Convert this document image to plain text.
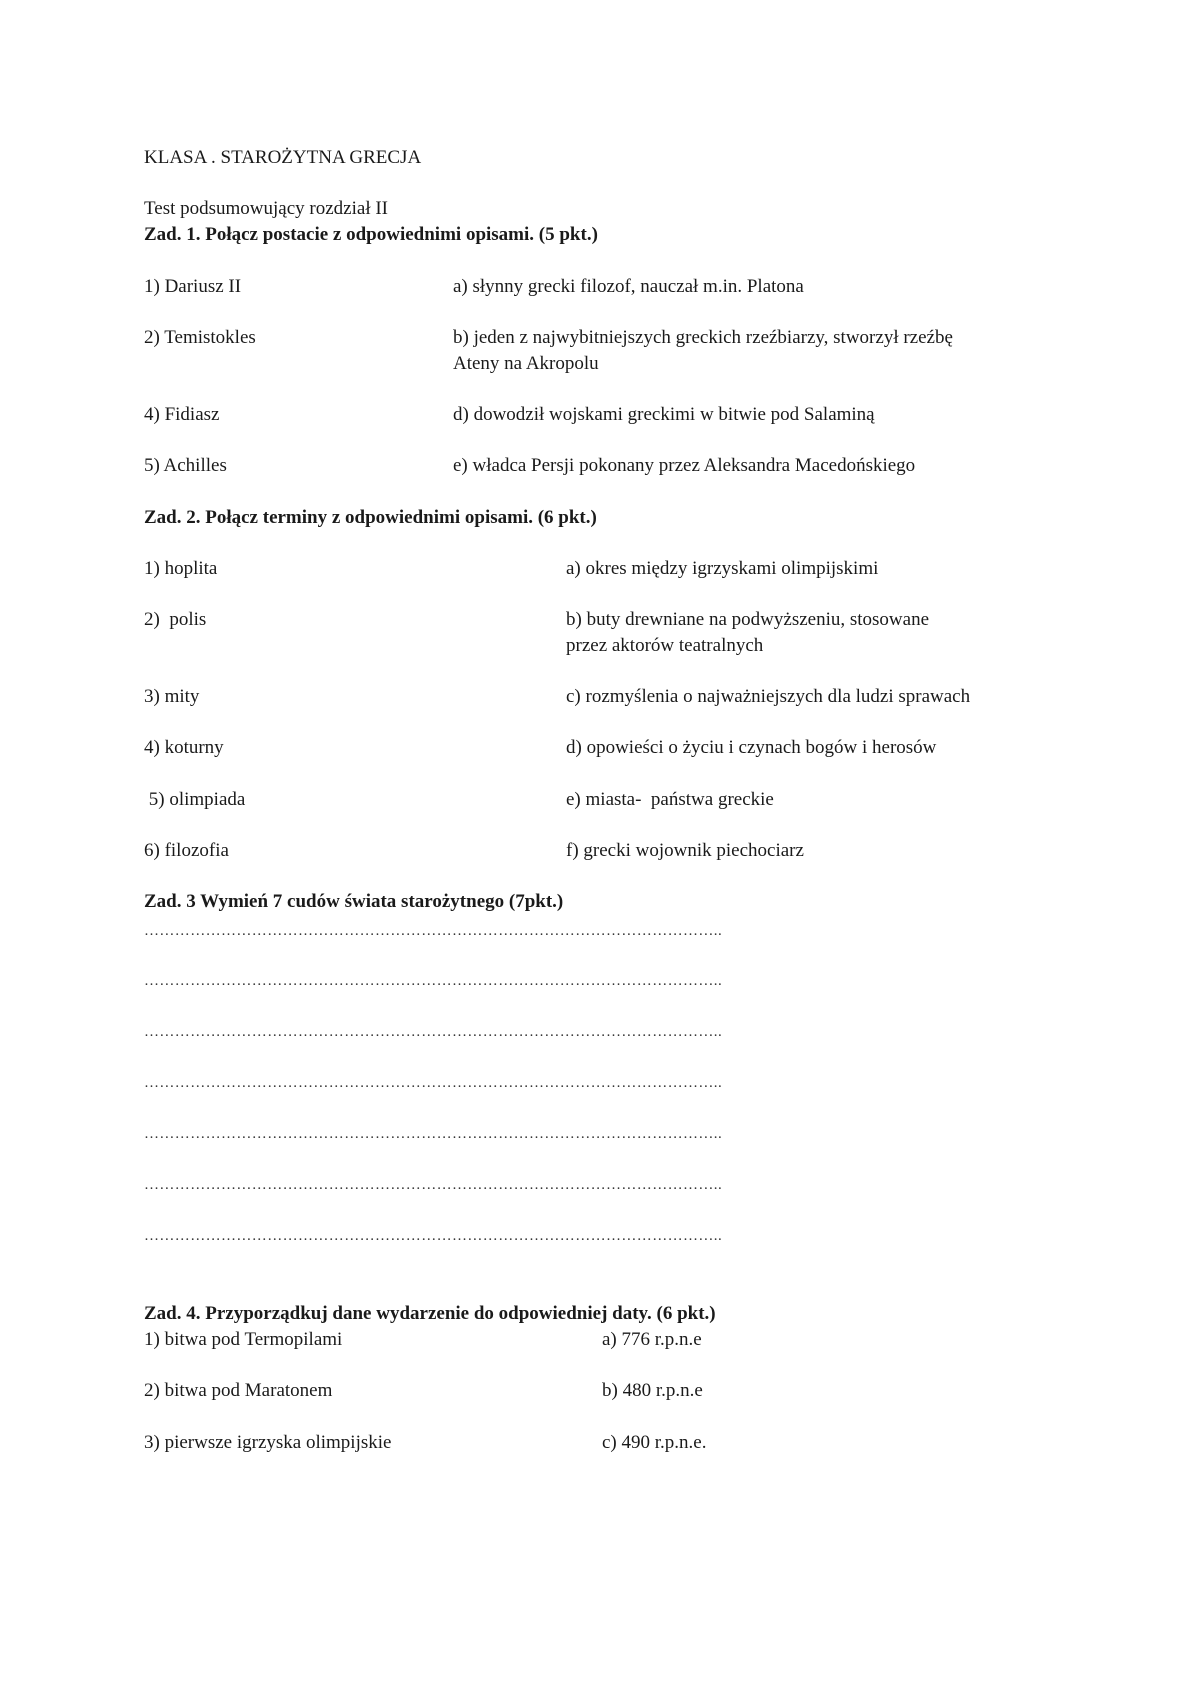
KLASA . STAROŻYTNA GRECJA
Test podsumowujący rozdział II
Zad. 1. Połącz postacie z odpowiednimi opisami. (5 pkt.)
1) Dariusz II	a) słynny grecki filozof, nauczał m.in. Platona
2) Temistokles	b) jeden z najwybitniejszych greckich rzeźbiarzy, stworzył rzeźbę
Ateny na Akropolu
4) Fidiasz	d) dowodził wojskami greckimi w bitwie pod Salaminą
5) Achilles	e) władca Persji pokonany przez Aleksandra Macedońskiego
Zad. 2. Połącz terminy z odpowiednimi opisami. (6 pkt.)
1) hoplita	a) okres między igrzyskami olimpijskimi
2)  polis	b) buty drewniane na podwyższeniu, stosowane
przez aktorów teatralnych
3) mity	c) rozmyślenia o najważniejszych dla ludzi sprawach
4) koturny	d) opowieści o życiu i czynach bogów i herosów
5) olimpiada	e) miasta-  państwa greckie
6) filozofia	f) grecki wojownik piechociarz
Zad. 3 Wymień 7 cudów świata starożytnego (7pkt.)
…………………………………………………………………………………………………..
…………………………………………………………………………………………………..
…………………………………………………………………………………………………..
…………………………………………………………………………………………………..
…………………………………………………………………………………………………..
…………………………………………………………………………………………………..
…………………………………………………………………………………………………..
Zad. 4. Przyporządkuj dane wydarzenie do odpowiedniej daty. (6 pkt.)
1) bitwa pod Termopilami	a) 776 r.p.n.e
2) bitwa pod Maratonem	b) 480 r.p.n.e
3) pierwsze igrzyska olimpijskie	c) 490 r.p.n.e.
